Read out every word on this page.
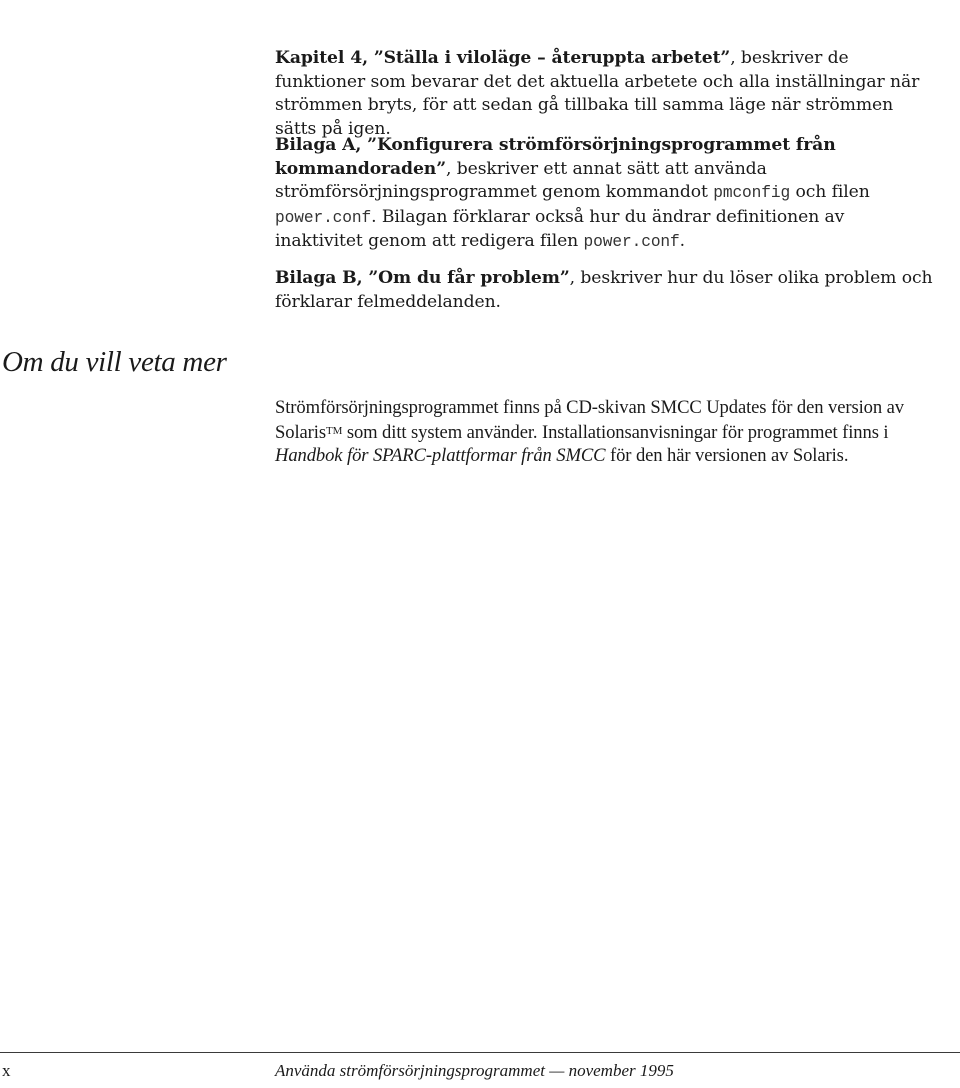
Kapitel 4, ”Ställa i viloläge – återuppta arbetet”, beskriver de funktioner som bevarar det det aktuella arbetete och alla inställningar när strömmen bryts, för att sedan gå tillbaka till samma läge när strömmen sätts på igen.

Bilaga A, ”Konfigurera strömförsörjningsprogrammet från kommandoraden”, beskriver ett annat sätt att använda strömförsörjningsprogrammet genom kommandot pmconfig och filen power.conf. Bilagan förklarar också hur du ändrar definitionen av inaktivitet genom att redigera filen power.conf.

Bilaga B, ”Om du får problem”, beskriver hur du löser olika problem och förklarar felmeddelanden.

Om du vill veta mer

Strömförsörjningsprogrammet finns på CD-skivan SMCC Updates för den version av Solaris™ som ditt system använder. Installationsanvisningar för programmet finns i Handbok för SPARC-plattformar från SMCC för den här versionen av Solaris.

x	Använda strömförsörjningsprogrammet — november 1995
